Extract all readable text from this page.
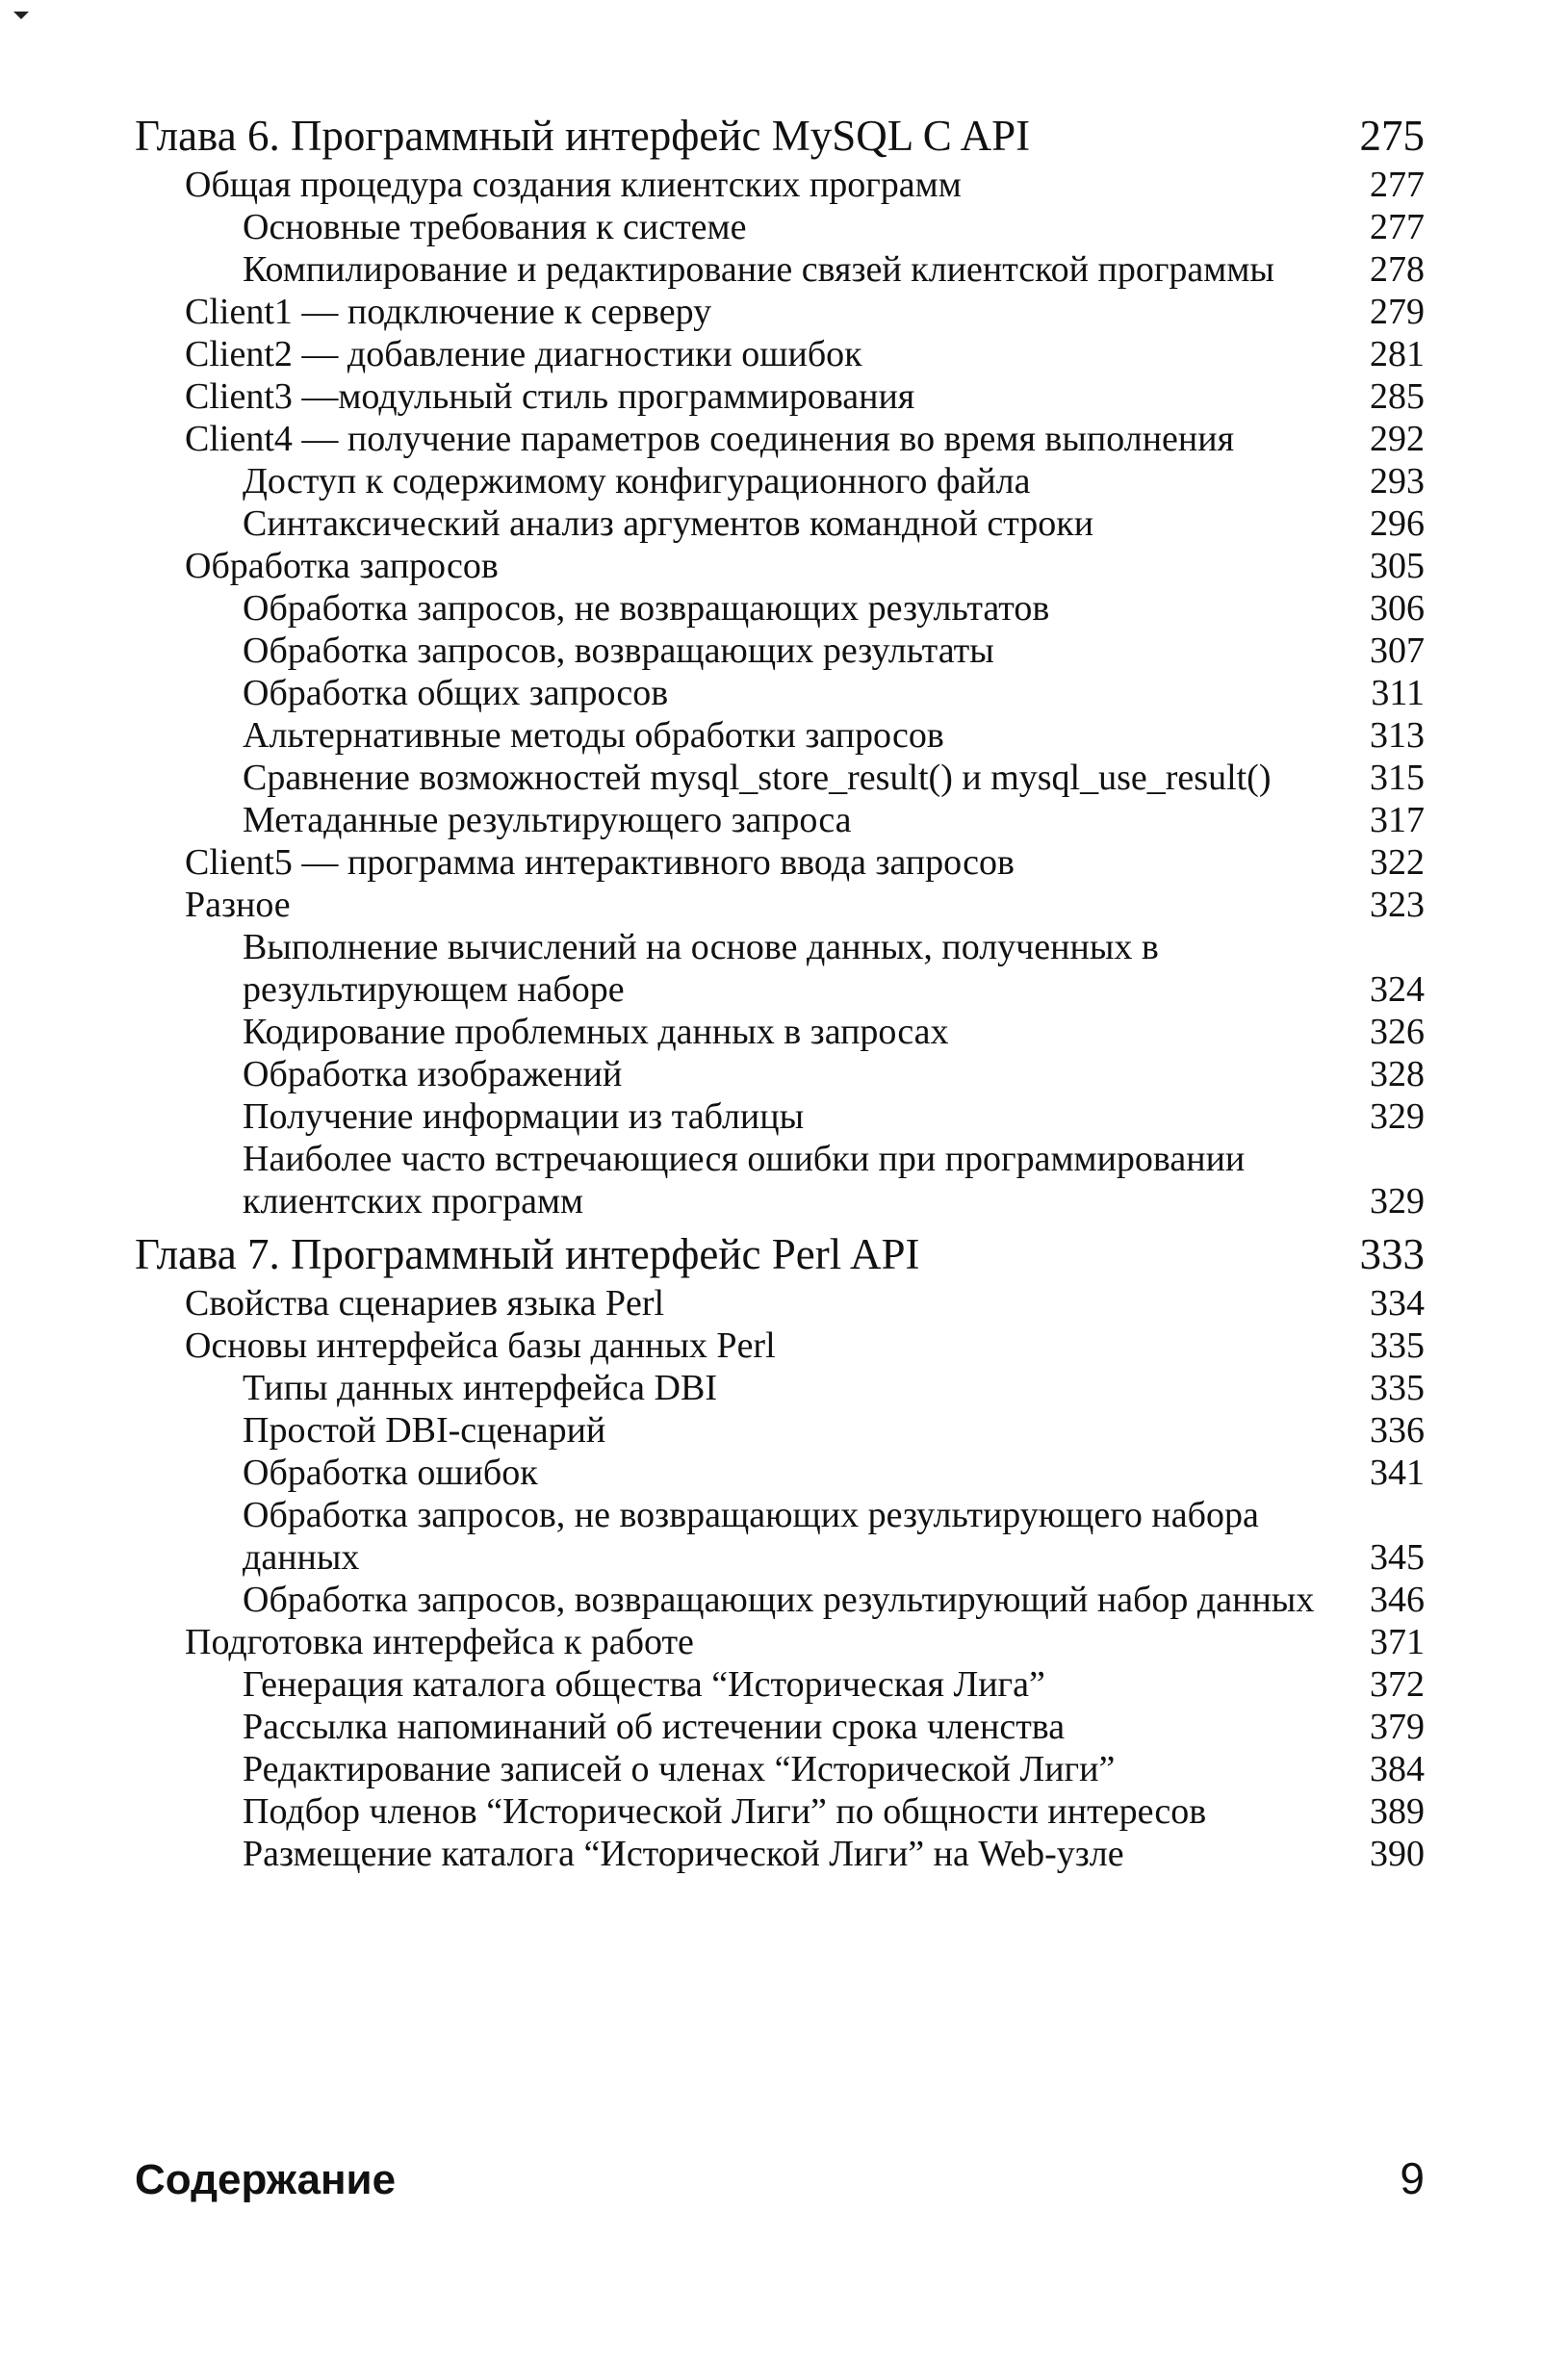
Глава 6. Программный интерфейс MySQL C API	275
Общая процедура создания клиентских программ	277
Основные требования к системе	277
Компилирование и редактирование связей клиентской программы	278
Client1 — подключение к серверу	279
Client2 — добавление диагностики ошибок	281
Client3 —модульный стиль программирования	285
Client4 — получение параметров соединения во время выполнения	292
Доступ к содержимому конфигурационного файла	293
Синтаксический анализ аргументов командной строки	296
Обработка запросов	305
Обработка запросов, не возвращающих результатов	306
Обработка запросов, возвращающих результаты	307
Обработка общих запросов	311
Альтернативные методы обработки запросов	313
Сравнение возможностей mysql_store_result() и mysql_use_result()	315
Метаданные результирующего запроса	317
Client5 — программа интерактивного ввода запросов	322
Разное	323
Выполнение вычислений на основе данных, полученных в результирующем наборе	324
Кодирование проблемных данных в запросах	326
Обработка изображений	328
Получение информации из таблицы	329
Наиболее часто встречающиеся ошибки при программировании клиентских программ	329
Глава 7. Программный интерфейс Perl API	333
Свойства сценариев языка Perl	334
Основы интерфейса базы данных Perl	335
Типы данных интерфейса DBI	335
Простой DBI-сценарий	336
Обработка ошибок	341
Обработка запросов, не возвращающих результирующего набора данных	345
Обработка запросов, возвращающих результирующий набор данных	346
Подготовка интерфейса к работе	371
Генерация каталога общества “Историческая Лига”	372
Рассылка напоминаний об истечении срока членства	379
Редактирование записей о членах “Исторической Лиги”	384
Подбор членов “Исторической Лиги” по общности интересов	389
Размещение каталога “Исторической Лиги” на Web-узле	390
Содержание	9
